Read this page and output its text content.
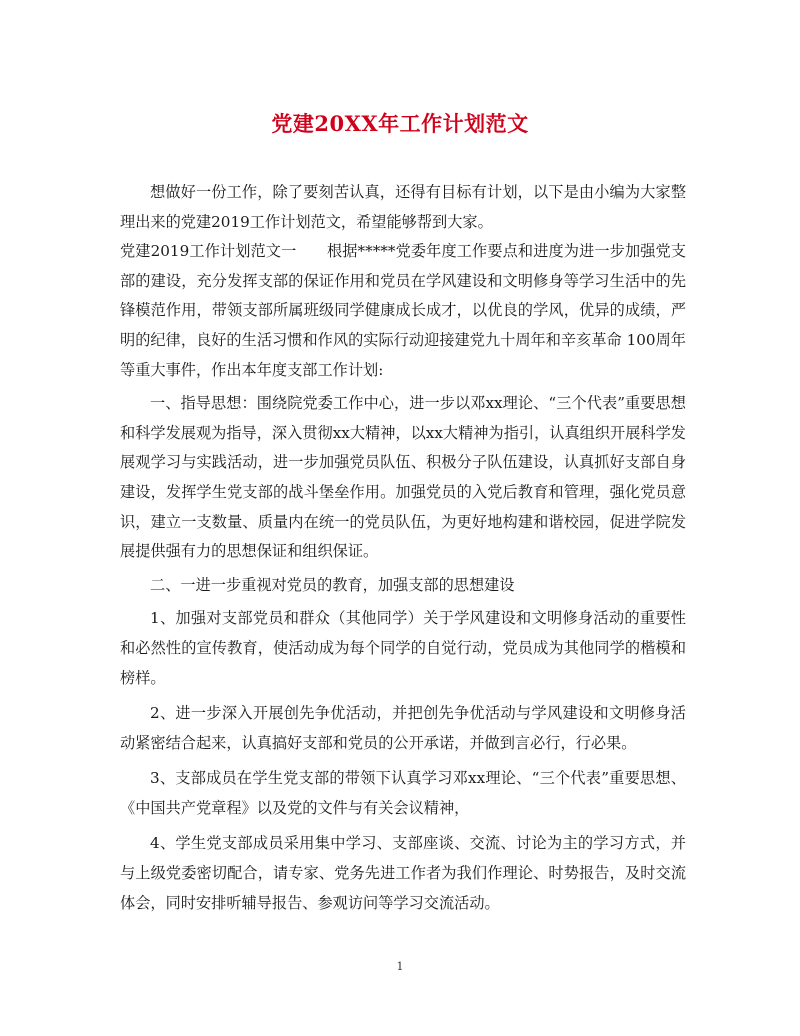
党建20XX年工作计划范文

想做好一份工作，除了要刻苦认真，还得有目标有计划，以下是由小编为大家整理出来的党建2019工作计划范文，希望能够帮到大家。

党建2019工作计划范文一　　根据*****党委年度工作要点和进度为进一步加强党支部的建设，充分发挥支部的保证作用和党员在学风建设和文明修身等学习生活中的先锋模范作用，带领支部所属班级同学健康成长成才，以优良的学风，优异的成绩，严明的纪律，良好的生活习惯和作风的实际行动迎接建党九十周年和辛亥革命 100周年等重大事件，作出本年度支部工作计划:

一、指导思想：围绕院党委工作中心，进一步以邓xx理论、“三个代表”重要思想和科学发展观为指导，深入贯彻xx大精神，以xx大精神为指引，认真组织开展科学发展观学习与实践活动，进一步加强党员队伍、积极分子队伍建设，认真抓好支部自身建设，发挥学生党支部的战斗堡垒作用。加强党员的入党后教育和管理，强化党员意识，建立一支数量、质量内在统一的党员队伍，为更好地构建和谐校园，促进学院发展提供强有力的思想保证和组织保证。

二、一进一步重视对党员的教育，加强支部的思想建设

1、加强对支部党员和群众（其他同学）关于学风建设和文明修身活动的重要性和必然性的宣传教育，使活动成为每个同学的自觉行动，党员成为其他同学的楷模和榜样。

2、进一步深入开展创先争优活动，并把创先争优活动与学风建设和文明修身活动紧密结合起来，认真搞好支部和党员的公开承诺，并做到言必行，行必果。

3、支部成员在学生党支部的带领下认真学习邓xx理论、“三个代表”重要思想、《中国共产党章程》以及党的文件与有关会议精神，

4、学生党支部成员采用集中学习、支部座谈、交流、讨论为主的学习方式，并与上级党委密切配合，请专家、党务先进工作者为我们作理论、时势报告，及时交流体会，同时安排听辅导报告、参观访问等学习交流活动。

1
